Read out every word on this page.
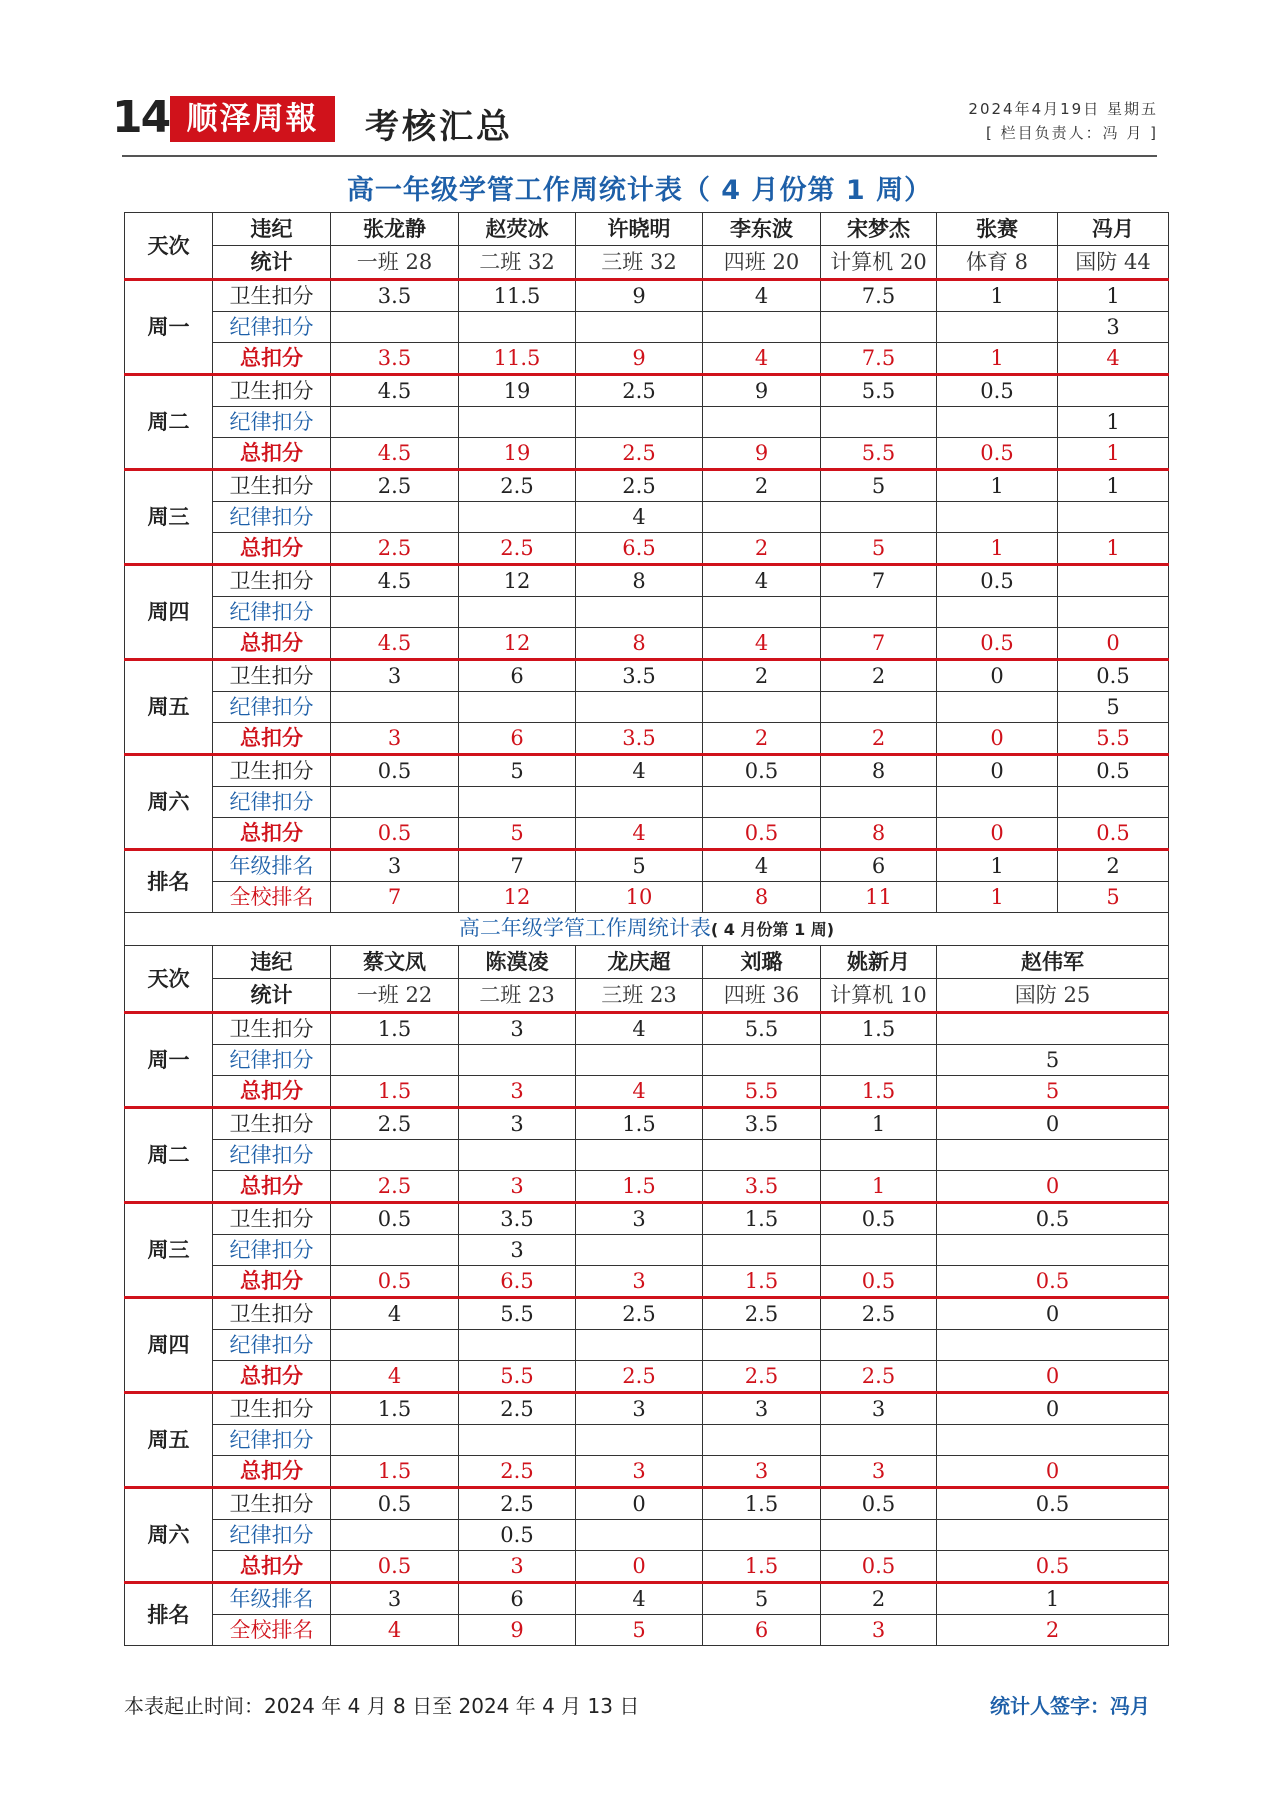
14 顺泽周報	考核汇总	2024年4月19日 星期五
[ 栏目负责人：冯 月 ]
高一年级学管工作周统计表（ 4 月份第 1 周）
天次	违纪	张龙静	赵荧冰	许晓明	李东波	宋梦杰	张赛	冯月
	统计	一班 28	二班 32	三班 32	四班 20	计算机 20	体育 8	国防 44
周一	卫生扣分	3.5	11.5	9	4	7.5	1	1
	纪律扣分							3
	总扣分	3.5	11.5	9	4	7.5	1	4
周二	卫生扣分	4.5	19	2.5	9	5.5	0.5	
	纪律扣分							1
	总扣分	4.5	19	2.5	9	5.5	0.5	1
周三	卫生扣分	2.5	2.5	2.5	2	5	1	1
	纪律扣分			4				
	总扣分	2.5	2.5	6.5	2	5	1	1
周四	卫生扣分	4.5	12	8	4	7	0.5	
	纪律扣分							
	总扣分	4.5	12	8	4	7	0.5	0
周五	卫生扣分	3	6	3.5	2	2	0	0.5
	纪律扣分							5
	总扣分	3	6	3.5	2	2	0	5.5
周六	卫生扣分	0.5	5	4	0.5	8	0	0.5
	纪律扣分							
	总扣分	0.5	5	4	0.5	8	0	0.5
排名	年级排名	3	7	5	4	6	1	2
	全校排名	7	12	10	8	11	1	5
高二年级学管工作周统计表( 4 月份第 1 周)								
天次	违纪	蔡文凤	陈漠凌	龙庆超	刘璐	姚新月	赵伟军	
	统计	一班 22	二班 23	三班 23	四班 36	计算机 10	国防 25	
周一	卫生扣分	1.5	3	4	5.5	1.5		
	纪律扣分						5	
	总扣分	1.5	3	4	5.5	1.5	5	
周二	卫生扣分	2.5	3	1.5	3.5	1	0	
	纪律扣分							
	总扣分	2.5	3	1.5	3.5	1	0	
周三	卫生扣分	0.5	3.5	3	1.5	0.5	0.5	
	纪律扣分		3					
	总扣分	0.5	6.5	3	1.5	0.5	0.5	
周四	卫生扣分	4	5.5	2.5	2.5	2.5	0	
	纪律扣分							
	总扣分	4	5.5	2.5	2.5	2.5	0	
周五	卫生扣分	1.5	2.5	3	3	3	0	
	纪律扣分							
	总扣分	1.5	2.5	3	3	3	0	
周六	卫生扣分	0.5	2.5	0	1.5	0.5	0.5	
	纪律扣分		0.5					
	总扣分	0.5	3	0	1.5	0.5	0.5	
排名	年级排名	3	6	4	5	2	1	
	全校排名	4	9	5	6	3	2	
本表起止时间：2024 年 4 月 8 日至 2024 年 4 月 13 日	统计人签字：冯月
